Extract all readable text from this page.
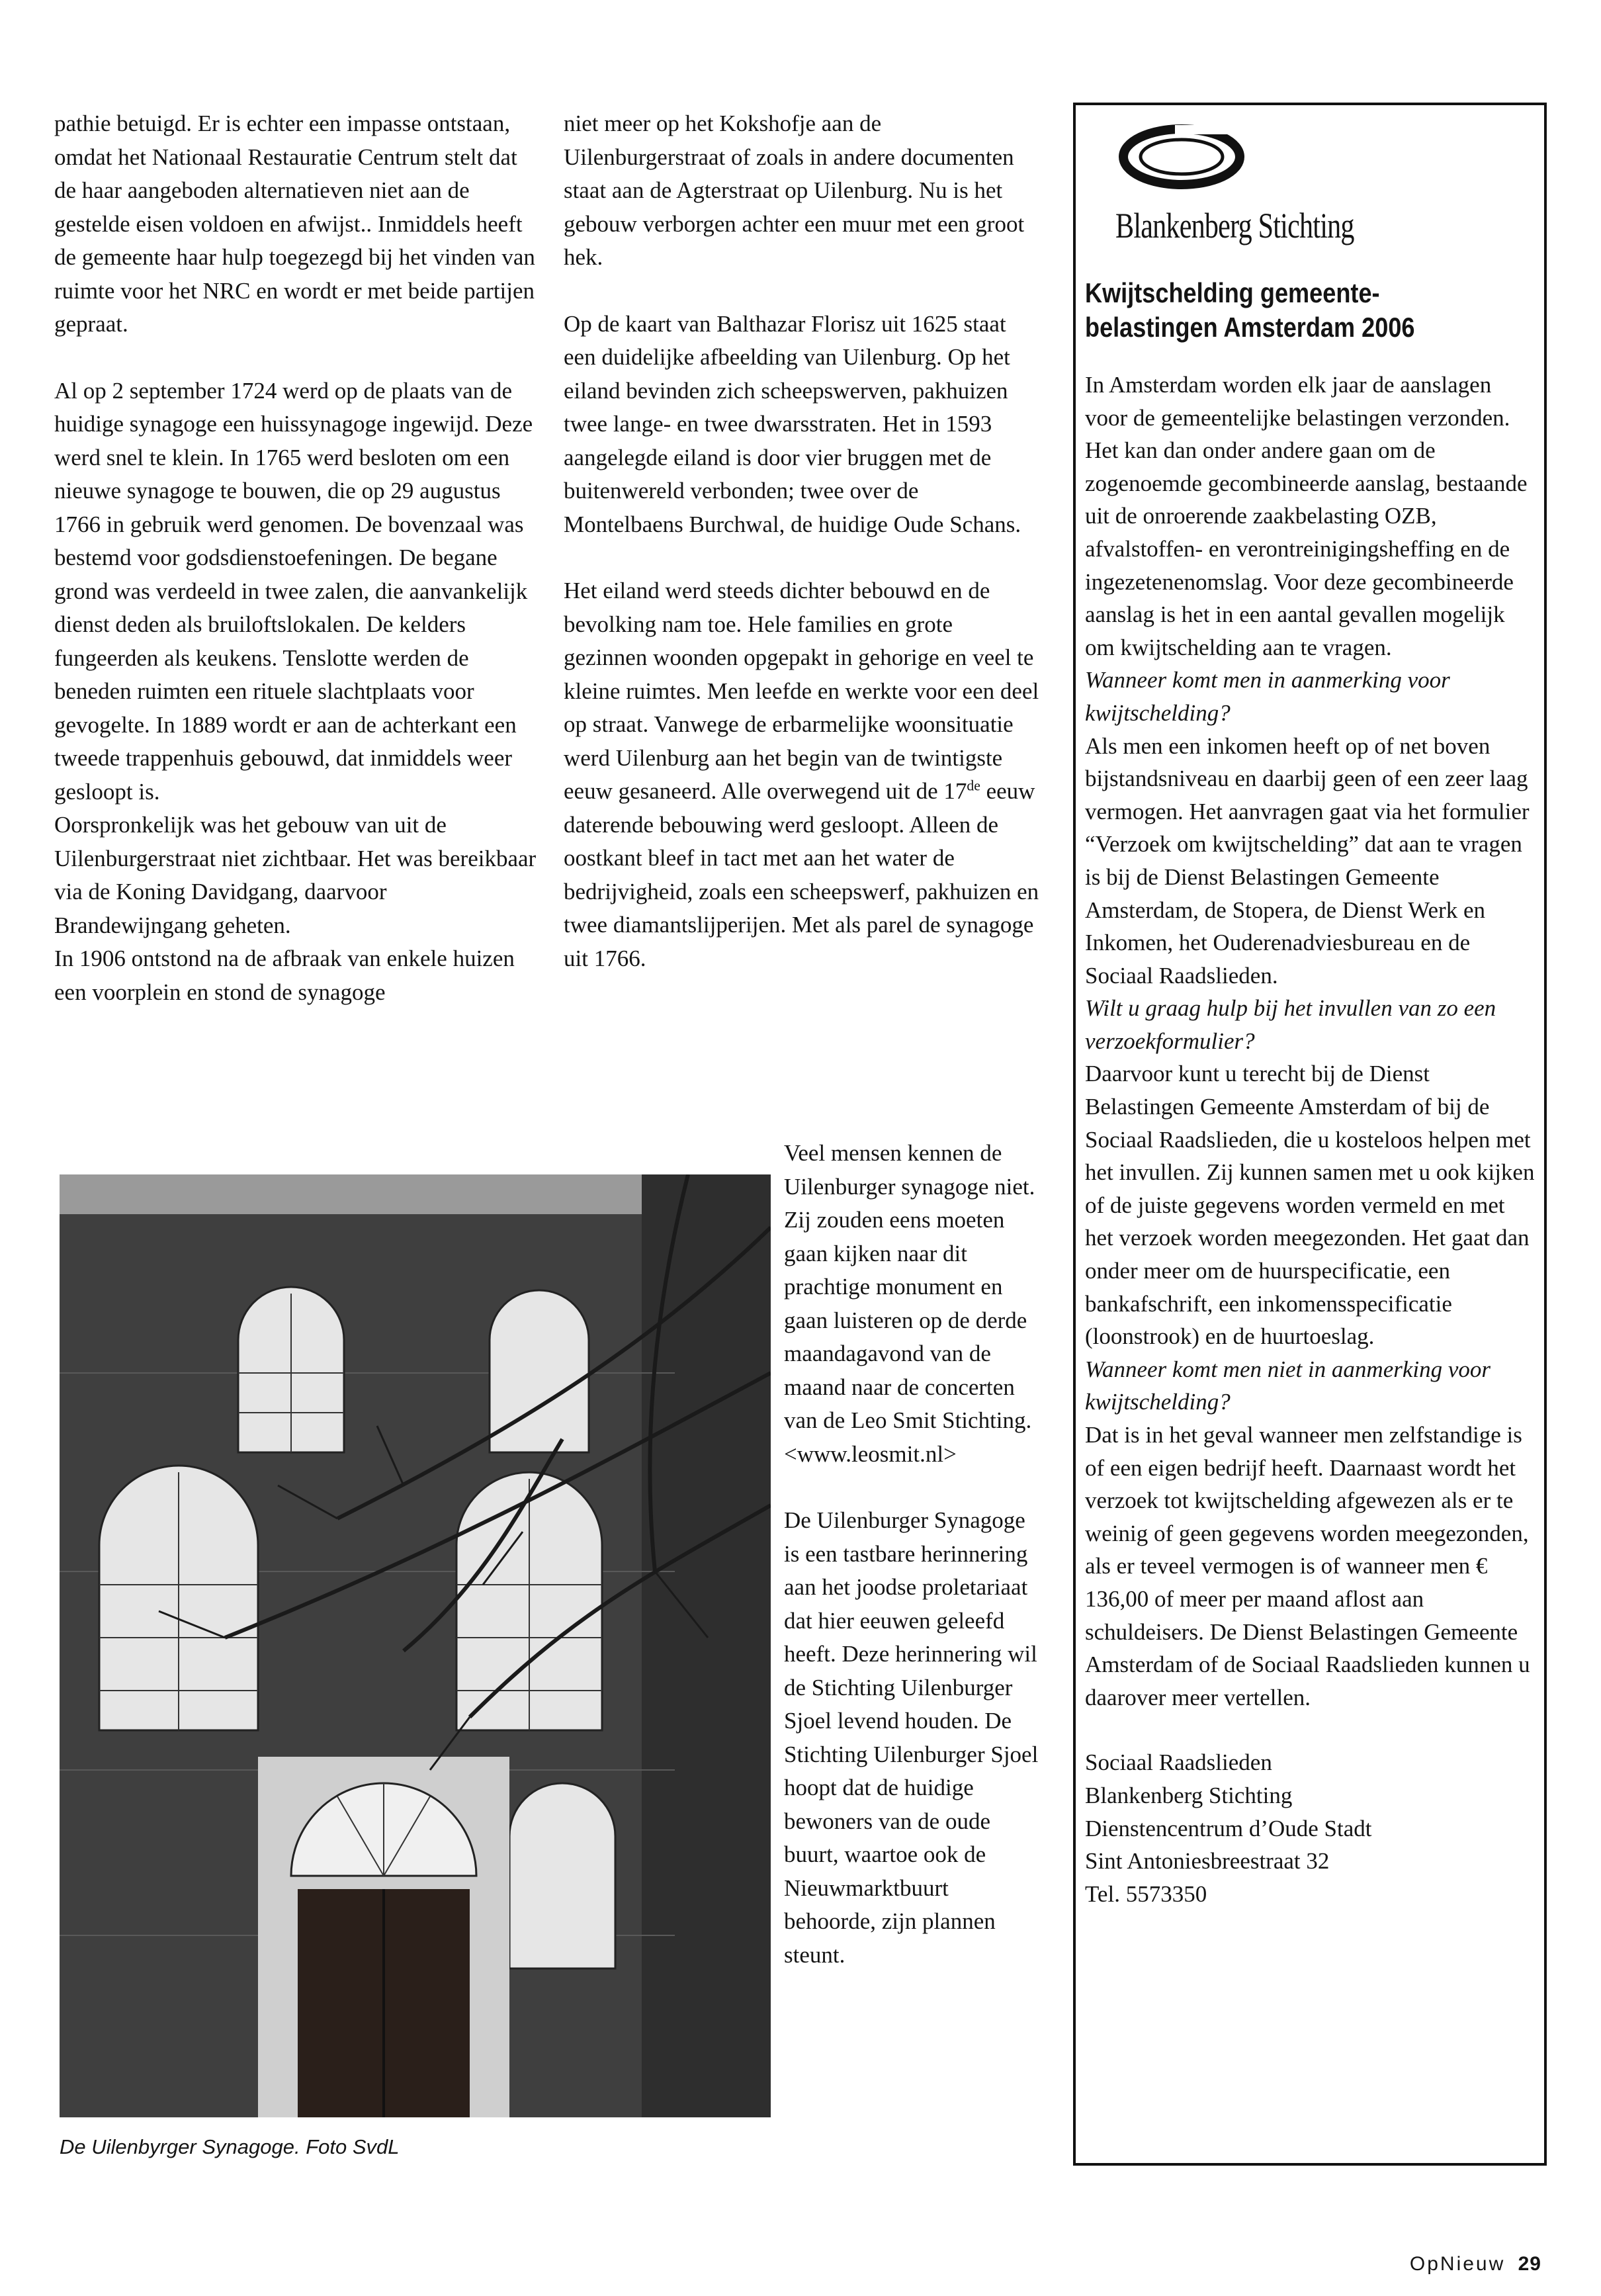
pathie betuigd. Er is echter een impasse ontstaan, omdat het Nationaal Restauratie Centrum stelt dat de haar aangeboden alternatieven niet aan de gestelde eisen voldoen en afwijst.. Inmiddels heeft de gemeente haar hulp toegezegd bij het vinden van ruimte voor het NRC en wordt er met beide partijen gepraat.

Al op 2 september 1724 werd op de plaats van de huidige synagoge een huissynagoge ingewijd. Deze werd snel te klein. In 1765 werd besloten om een nieuwe synagoge te bouwen, die op 29 augustus 1766 in gebruik werd genomen. De bovenzaal was bestemd voor godsdienstoefeningen. De begane grond was verdeeld in twee zalen, die aanvankelijk dienst deden als bruiloftslokalen. De kelders fungeerden als keukens. Tenslotte werden de beneden ruimten een rituele slachtplaats voor gevogelte. In 1889 wordt er aan de achterkant een tweede trappenhuis gebouwd, dat inmiddels weer gesloopt is.

Oorspronkelijk was het gebouw van uit de Uilenburgerstraat niet zichtbaar. Het was bereikbaar via de Koning Davidgang, daarvoor Brandewijngang geheten.

In 1906 ontstond na de afbraak van enkele huizen een voorplein en stond de synagoge

niet meer op het Kokshofje aan de Uilenburgerstraat of zoals in andere documenten staat aan de Agterstraat op Uilenburg. Nu is het gebouw verborgen achter een muur met een groot hek.

Op de kaart van Balthazar Florisz uit 1625 staat een duidelijke afbeelding van Uilenburg. Op het eiland bevinden zich scheepswerven, pakhuizen twee lange- en twee dwarsstraten. Het in 1593 aangelegde eiland is door vier bruggen met de buitenwereld verbonden; twee over de Montelbaens Burchwal, de huidige Oude Schans.

Het eiland werd steeds dichter bebouwd en de bevolking nam toe. Hele families en grote gezinnen woonden opgepakt in gehorige en veel te kleine ruimtes. Men leefde en werkte voor een deel op straat. Vanwege de erbarmelijke woonsituatie werd Uilenburg aan het begin van de twintigste eeuw gesaneerd. Alle overwegend uit de 17de eeuw daterende bebouwing werd gesloopt. Alleen de oostkant bleef in tact met aan het water de bedrijvigheid, zoals een scheepswerf, pakhuizen en twee diamantslijperijen. Met als parel de synagoge uit 1766.

Veel mensen kennen de Uilenburger synagoge niet. Zij zouden eens moeten gaan kijken naar dit prachtige monument en gaan luisteren op de derde maandagavond van de maand naar de concerten van de Leo Smit Stichting.

<www.leosmit.nl>

De Uilenburger Synagoge is een tastbare herinnering aan het joodse proletariaat dat hier eeuwen geleefd heeft. Deze herinnering wil de Stichting Uilenburger Sjoel levend houden. De Stichting Uilenburger Sjoel hoopt dat de huidige bewoners van de oude buurt, waartoe ook de Nieuwmarktbuurt behoorde, zijn plannen steunt.

De Uilenbyrger Synagoge. Foto SvdL
Blankenberg Stichting
Kwijtschelding gemeente-
belastingen Amsterdam 2006

In Amsterdam worden elk jaar de aanslagen voor de gemeentelijke belastingen verzonden. Het kan dan onder andere gaan om de zogenoemde gecombineerde aanslag, bestaande uit de onroerende zaakbelasting OZB, afvalstoffen- en verontreinigingsheffing en de ingezetenenomslag. Voor deze gecombineerde aanslag is het in een aantal gevallen mogelijk om kwijtschelding aan te vragen.

Wanneer komt men in aanmerking voor kwijtschelding?

Als men een inkomen heeft op of net boven bijstandsniveau en daarbij geen of een zeer laag vermogen. Het aanvragen gaat via het formulier “Verzoek om kwijtschelding” dat aan te vragen is bij de Dienst Belastingen Gemeente Amsterdam, de Stopera, de Dienst Werk en Inkomen, het Ouderenadviesbureau en de Sociaal Raadslieden.

Wilt u graag hulp bij het invullen van zo een verzoekformulier?

Daarvoor kunt u terecht bij de Dienst Belastingen Gemeente Amsterdam of bij de Sociaal Raadslieden, die u kosteloos helpen met het invullen. Zij kunnen samen met u ook kijken of de juiste gegevens worden vermeld en met het verzoek worden meegezonden. Het gaat dan onder meer om de huurspecificatie, een bankafschrift, een inkomensspecificatie (loonstrook) en de huurtoeslag.

Wanneer komt men niet in aanmerking voor kwijtschelding?

Dat is in het geval wanneer men zelfstandige is of een eigen bedrijf heeft. Daarnaast wordt het verzoek tot kwijtschelding afgewezen als er te weinig of geen gegevens worden meegezonden, als er teveel vermogen is of wanneer men € 136,00 of meer per maand aflost aan schuldeisers. De Dienst Belastingen Gemeente Amsterdam of de Sociaal Raadslieden kunnen u daarover meer vertellen.

Sociaal Raadslieden
Blankenberg Stichting
Dienstencentrum d’Oude Stadt
Sint Antoniesbreestraat 32
Tel. 5573350
OpNieuw 29
